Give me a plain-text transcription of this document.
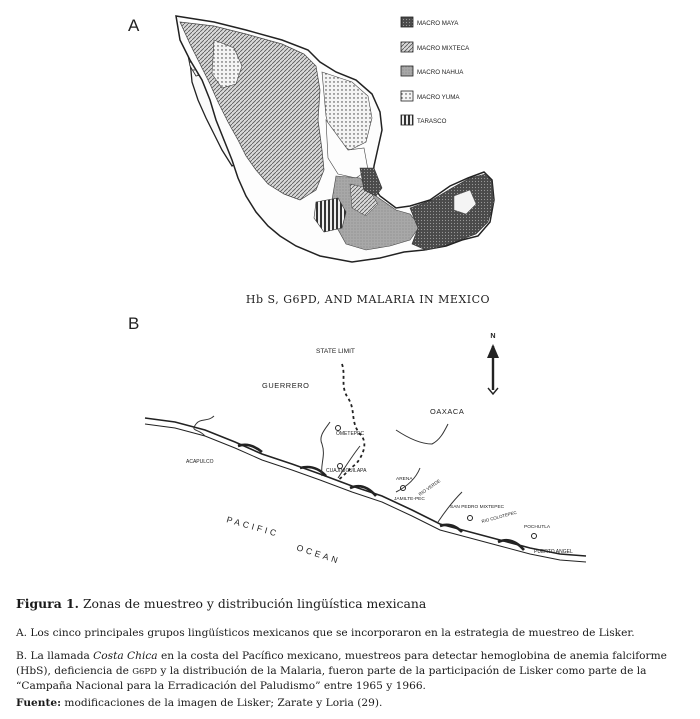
A	MACRO MAYA
MACRO MIXTECA
MACRO NAHUA
MACRO YUMA
TARASCO
Hb S, G6PD, AND MALARIA IN MEXICO
B
N
STATE LIMIT
GUERRERO
OAXACA
ACAPULCO
OMETEPEC
CUAJINICUILAPA
ARENA
JAMILTE-PEC
RIO VERDE
SAN PEDRO MIXTEPEC
RIO COLOTEPEC
POCHUTLA
PUERTO ANGEL
PACIFIC
OCEAN
Figura 1. Zonas de muestreo y distribución lingüística mexicana
A. Los cinco principales grupos lingüísticos mexicanos que se incorporaron en la estrategia de muestreo de Lisker.
B. La llamada Costa Chica en la costa del Pacífico mexicano, muestreos para detectar hemoglobina de anemia falciforme (HbS), deficiencia de G6PD y la distribución de la Malaria, fueron parte de la participación de Lisker como parte de la “Campaña Nacional para la Erradicación del Paludismo” entre 1965 y 1966.
Fuente: modificaciones de la imagen de Lisker; Zarate y Loria (29).
